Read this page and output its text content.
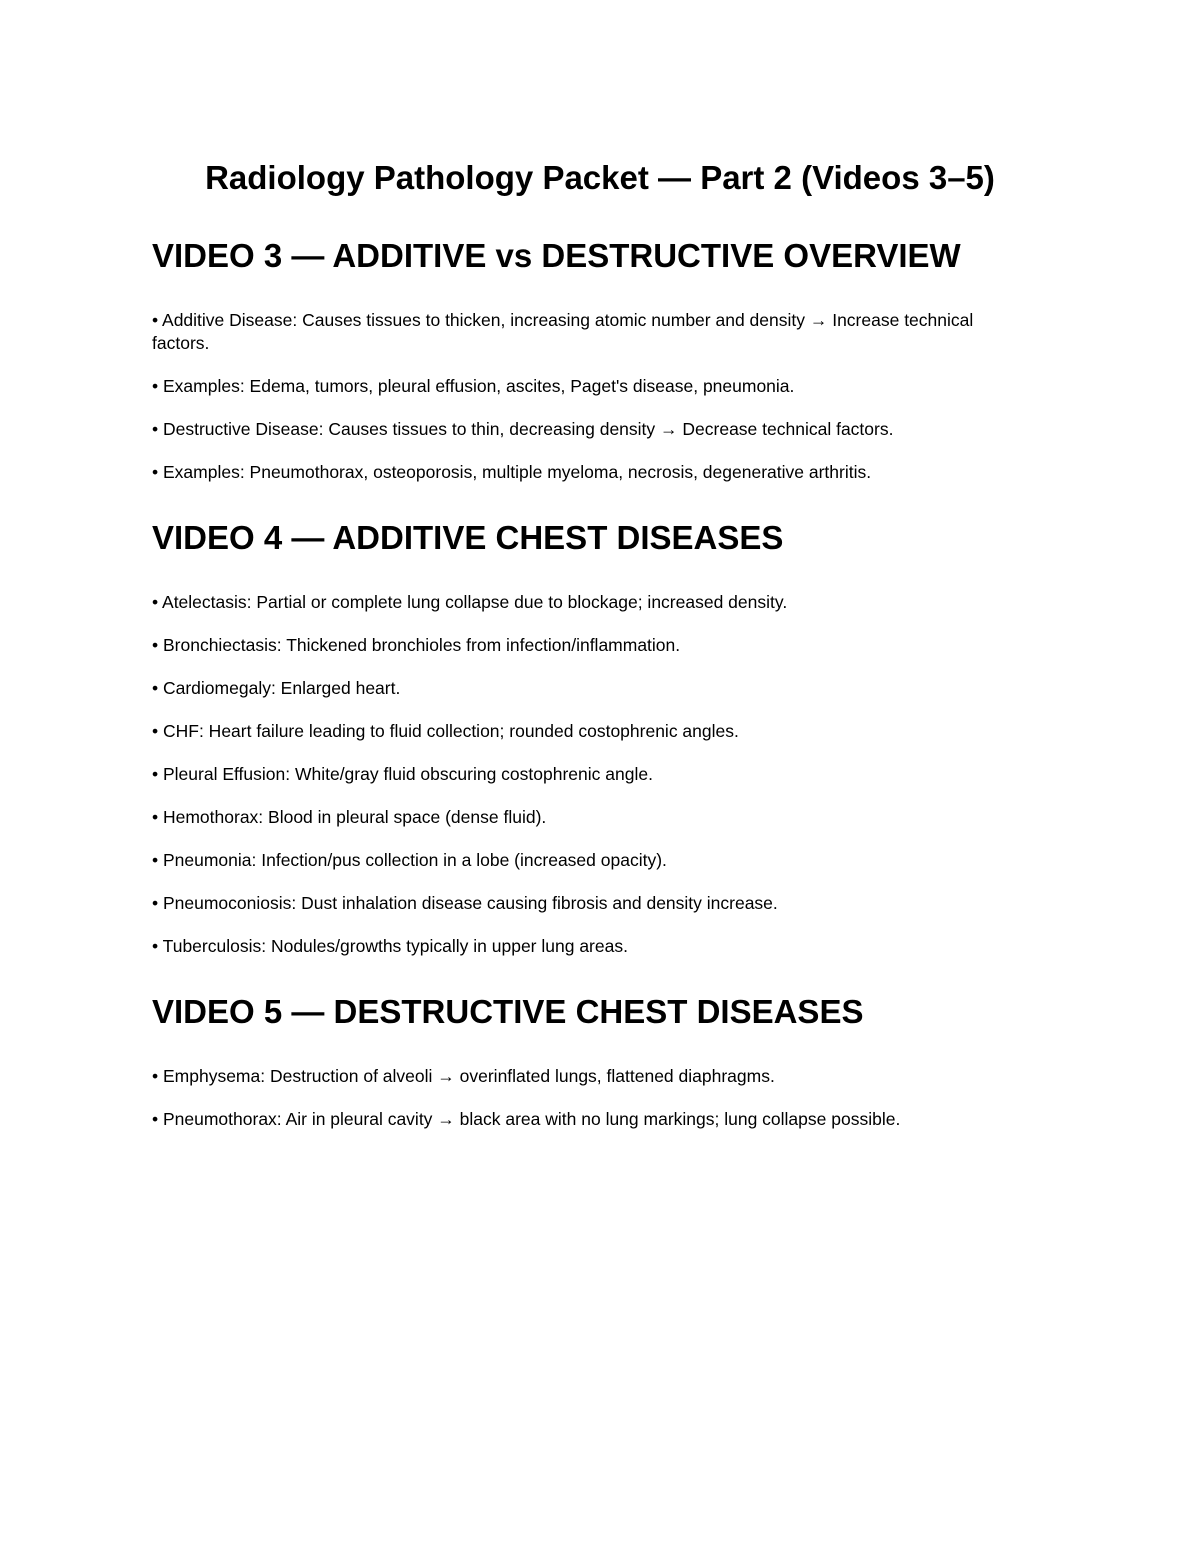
Radiology Pathology Packet — Part 2 (Videos 3–5)
VIDEO 3 — ADDITIVE vs DESTRUCTIVE OVERVIEW

• Additive Disease: Causes tissues to thicken, increasing atomic number and density → Increase technical factors.

• Examples: Edema, tumors, pleural effusion, ascites, Paget's disease, pneumonia.

• Destructive Disease: Causes tissues to thin, decreasing density → Decrease technical factors.

• Examples: Pneumothorax, osteoporosis, multiple myeloma, necrosis, degenerative arthritis.

VIDEO 4 — ADDITIVE CHEST DISEASES

• Atelectasis: Partial or complete lung collapse due to blockage; increased density.

• Bronchiectasis: Thickened bronchioles from infection/inflammation.

• Cardiomegaly: Enlarged heart.

• CHF: Heart failure leading to fluid collection; rounded costophrenic angles.

• Pleural Effusion: White/gray fluid obscuring costophrenic angle.

• Hemothorax: Blood in pleural space (dense fluid).

• Pneumonia: Infection/pus collection in a lobe (increased opacity).

• Pneumoconiosis: Dust inhalation disease causing fibrosis and density increase.

• Tuberculosis: Nodules/growths typically in upper lung areas.

VIDEO 5 — DESTRUCTIVE CHEST DISEASES

• Emphysema: Destruction of alveoli → overinflated lungs, flattened diaphragms.

• Pneumothorax: Air in pleural cavity → black area with no lung markings; lung collapse possible.
